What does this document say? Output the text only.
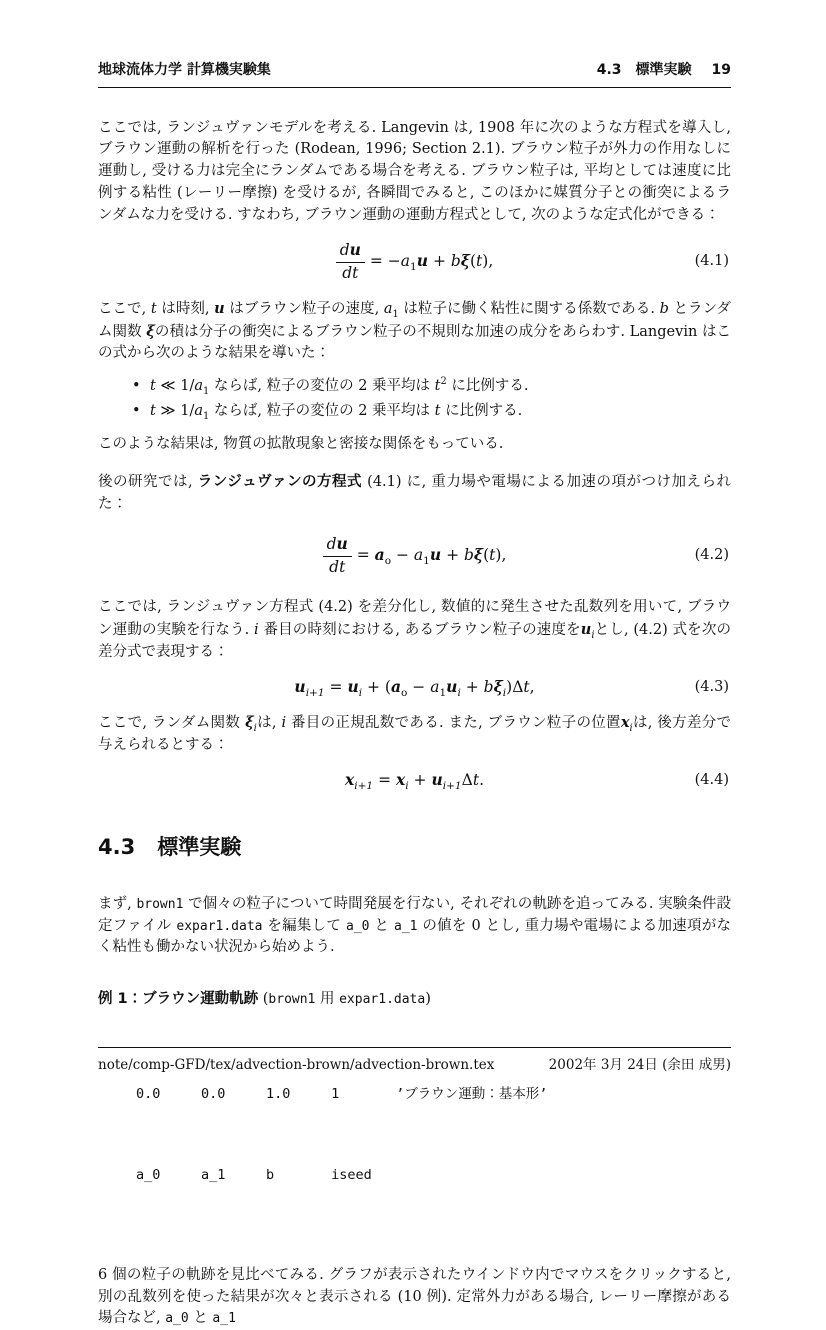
地球流体力学 計算機実験集	4.3　標準実験 19

ここでは, ランジュヴァンモデルを考える. Langevin は, 1908 年に次のような方程式を導入し, ブラウン運動の解析を行った (Rodean, 1996; Section 2.1). ブラウン粒子が外力の作用なしに運動し, 受ける力は完全にランダムである場合を考える. ブラウン粒子は, 平均としては速度に比例する粘性 (レーリー摩擦) を受けるが, 各瞬間でみると, このほかに媒質分子との衝突によるランダムな力を受ける. すなわち, ブラウン運動の運動方程式として, 次のような定式化ができる：

$\frac{du}{dt} = -a_1u + b\xi(t)$,	(4.1)

ここで, t は時刻, u はブラウン粒子の速度, $a_1$ は粒子に働く粘性に関する係数である. b とランダム関数 ξの積は分子の衝突によるブラウン粒子の不規則な加速の成分をあらわす. Langevin はこの式から次のような結果を導いた：

• t ≪ $1/a_1$ ならば, 粒子の変位の 2 乗平均は $t^2$ に比例する.
• t ≫ $1/a_1$ ならば, 粒子の変位の 2 乗平均は t に比例する.

このような結果は, 物質の拡散現象と密接な関係をもっている.

後の研究では, ランジュヴァンの方程式 (4.1) に, 重力場や電場による加速の項がつけ加えられた：

$\frac{du}{dt} = a_o - a_1u + b\xi(t)$,	(4.2)

ここでは, ランジュヴァン方程式 (4.2) を差分化し, 数値的に発生させた乱数列を用いて, ブラウン運動の実験を行なう. i 番目の時刻における, あるブラウン粒子の速度を$u_i$とし, (4.2) 式を次の差分式で表現する：

$u_{i+1} = u_i + (a_o - a_1u_i + b\xi_i)\Delta t$,	(4.3)

ここで, ランダム関数 $\xi_i$は, i 番目の正規乱数である. また, ブラウン粒子の位置$x_i$は, 後方差分で与えられるとする：

$x_{i+1} = x_i + u_{i+1}\Delta t$.	(4.4)
4.3 標準実験

まず, brown1 で個々の粒子について時間発展を行ない, それぞれの軌跡を追ってみる. 実験条件設定ファイル expar1.data を編集して a_0 と a_1 の値を 0 とし, 重力場や電場による加速項がなく粘性も働かない状況から始めよう.

例 1：ブラウン運動軌跡 (brown1 用 expar1.data)

0.0     0.0     1.0     1       ’ブラウン運動：基本形’

a_0     a_1     b       iseed

6 個の粒子の軌跡を見比べてみる. グラフが表示されたウインドウ内でマウスをクリックすると, 別の乱数列を使った結果が次々と表示される (10 例). 定常外力がある場合, レーリー摩擦がある場合など, a_0 と a_1

note/comp-GFD/tex/advection-brown/advection-brown.tex	2002年 3月 24日 (余田 成男)
